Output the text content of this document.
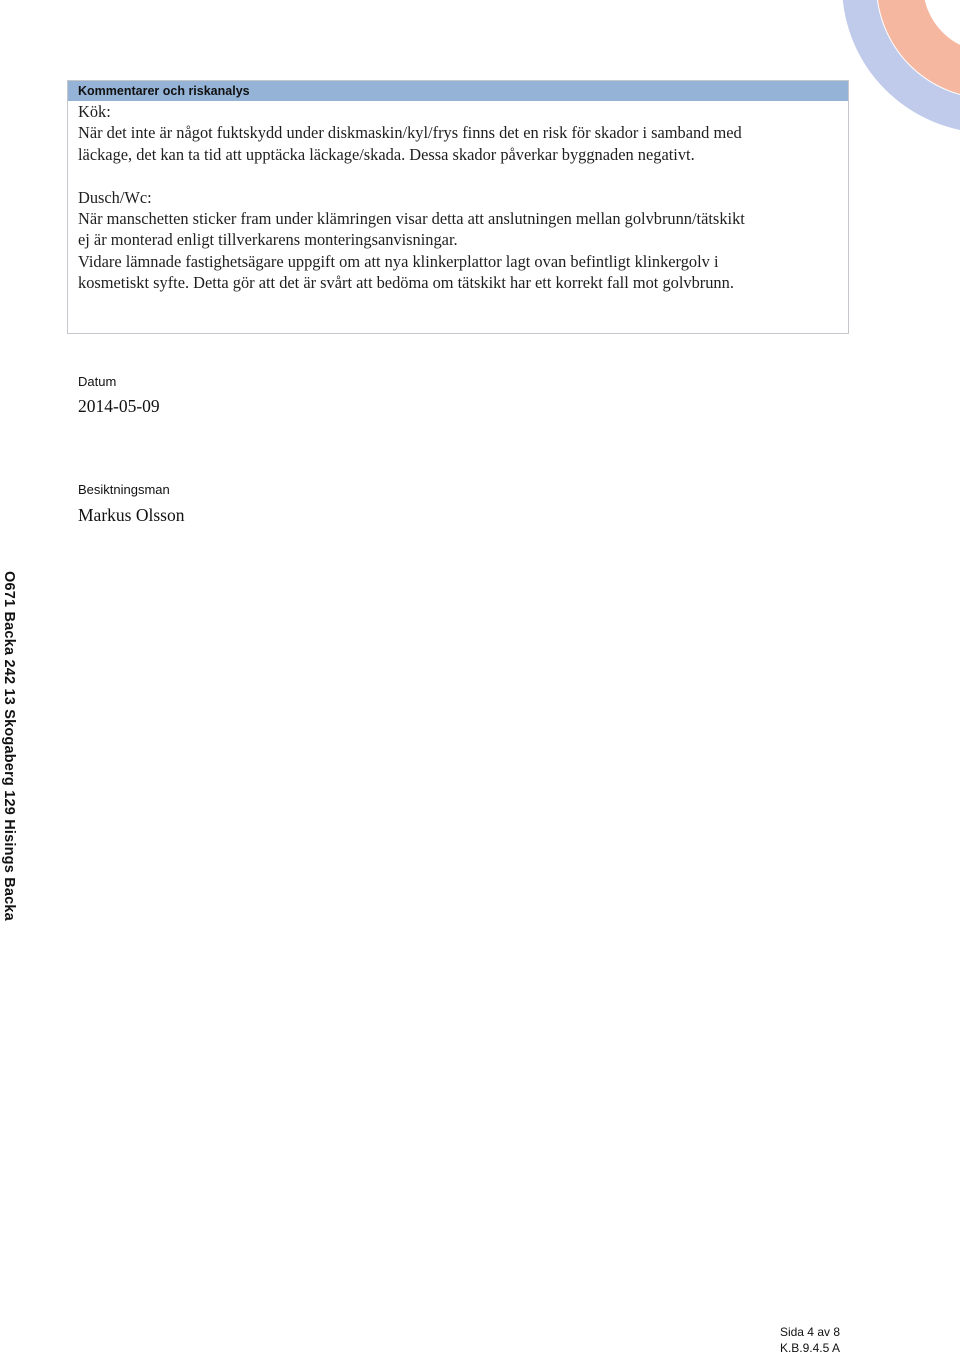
Kommentarer och riskanalys

Kök:

När det inte är något fuktskydd under diskmaskin/kyl/frys finns det en risk för skador i samband med

läckage, det kan ta tid att upptäcka läckage/skada. Dessa skador påverkar byggnaden negativt.

Dusch/Wc:

När manschetten sticker fram under klämringen visar detta att anslutningen mellan golvbrunn/tätskikt

ej är monterad enligt tillverkarens monteringsanvisningar.

Vidare lämnade fastighetsägare uppgift om att nya klinkerplattor lagt ovan befintligt klinkergolv i

kosmetiskt syfte. Detta gör att det är svårt att bedöma om tätskikt har ett korrekt fall mot golvbrunn.

Datum
2014-05-09
Besiktningsman
Markus Olsson
O671 Backa 242 13 Skogaberg 129 Hisings Backa
Sida 4 av 8
K.B.9.4.5 A
